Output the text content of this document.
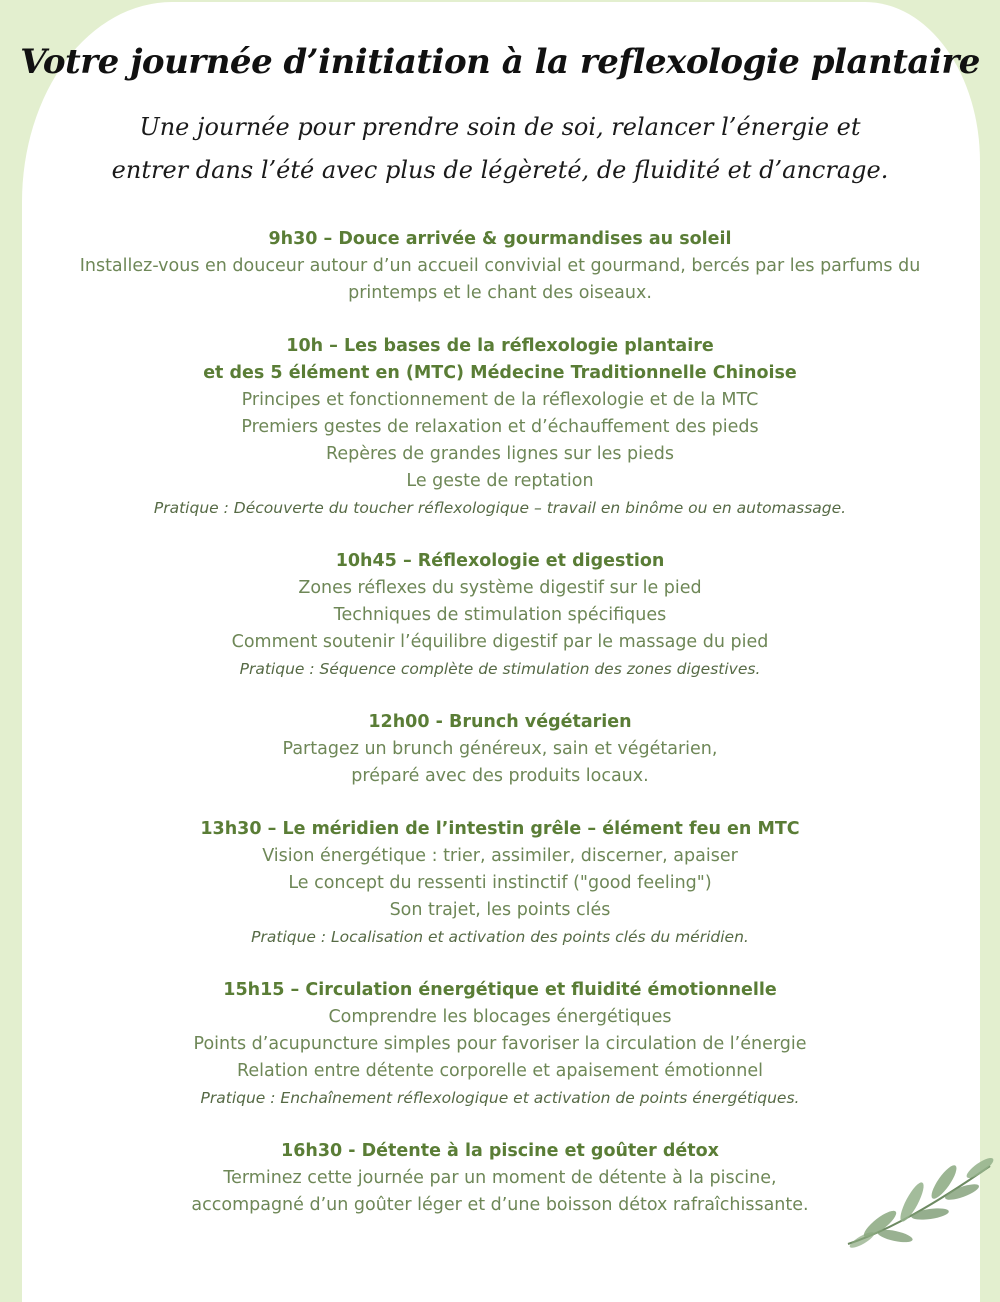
Votre journée d’initiation à la reflexologie plantaire
Une journée pour prendre soin de soi, relancer l’énergie et
entrer dans l’été avec plus de légèreté, de fluidité et d’ancrage.
9h30 – Douce arrivée & gourmandises au soleil
Installez-vous en douceur autour d’un accueil convivial et gourmand, bercés par les parfums du
printemps et le chant des oiseaux.
10h – Les bases de la réflexologie plantaire
et des 5 élément en (MTC) Médecine Traditionnelle Chinoise
Principes et fonctionnement de la réflexologie et de la MTC
Premiers gestes de relaxation et d’échauffement des pieds
Repères de grandes lignes sur les pieds
Le geste de reptation
Pratique : Découverte du toucher réflexologique – travail en binôme ou en automassage.
10h45 – Réflexologie et digestion
Zones réflexes du système digestif sur le pied
Techniques de stimulation spécifiques
Comment soutenir l’équilibre digestif par le massage du pied
Pratique : Séquence complète de stimulation des zones digestives.
12h00 - Brunch végétarien
Partagez un brunch généreux, sain et végétarien,
préparé avec des produits locaux.
13h30 – Le méridien de l’intestin grêle – élément feu en MTC
Vision énergétique : trier, assimiler, discerner, apaiser
Le concept du ressenti instinctif ("good feeling")
Son trajet, les points clés
Pratique : Localisation et activation des points clés du méridien.
15h15 – Circulation énergétique et fluidité émotionnelle
Comprendre les blocages énergétiques
Points d’acupuncture simples pour favoriser la circulation de l’énergie
Relation entre détente corporelle et apaisement émotionnel
Pratique : Enchaînement réflexologique et activation de points énergétiques.
16h30 - Détente à la piscine et goûter détox
Terminez cette journée par un moment de détente à la piscine,
accompagné d’un goûter léger et d’une boisson détox rafraîchissante.
